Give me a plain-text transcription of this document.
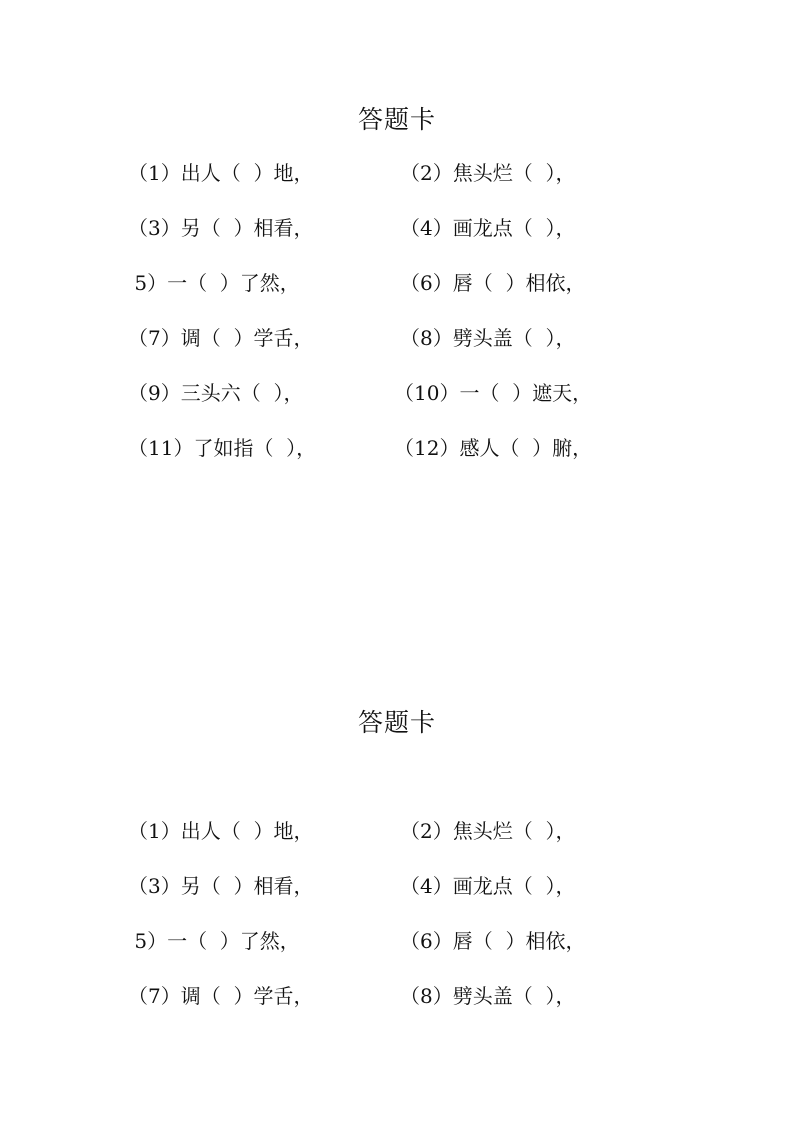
答题卡
（1）出人（  ）地，	（2）焦头烂（  ），
（3）另（  ）相看，	（4）画龙点（  ），
5）一（  ）了然，	（6）唇（  ）相依，
（7）调（  ）学舌，	（8）劈头盖（  ），
（9）三头六（  ），	（10）一（  ）遮天，
（11）了如指（  ），	（12）感人（  ）腑，
答题卡
（1）出人（  ）地，	（2）焦头烂（  ），
（3）另（  ）相看，	（4）画龙点（  ），
5）一（  ）了然，	（6）唇（  ）相依，
（7）调（  ）学舌，	（8）劈头盖（  ），
